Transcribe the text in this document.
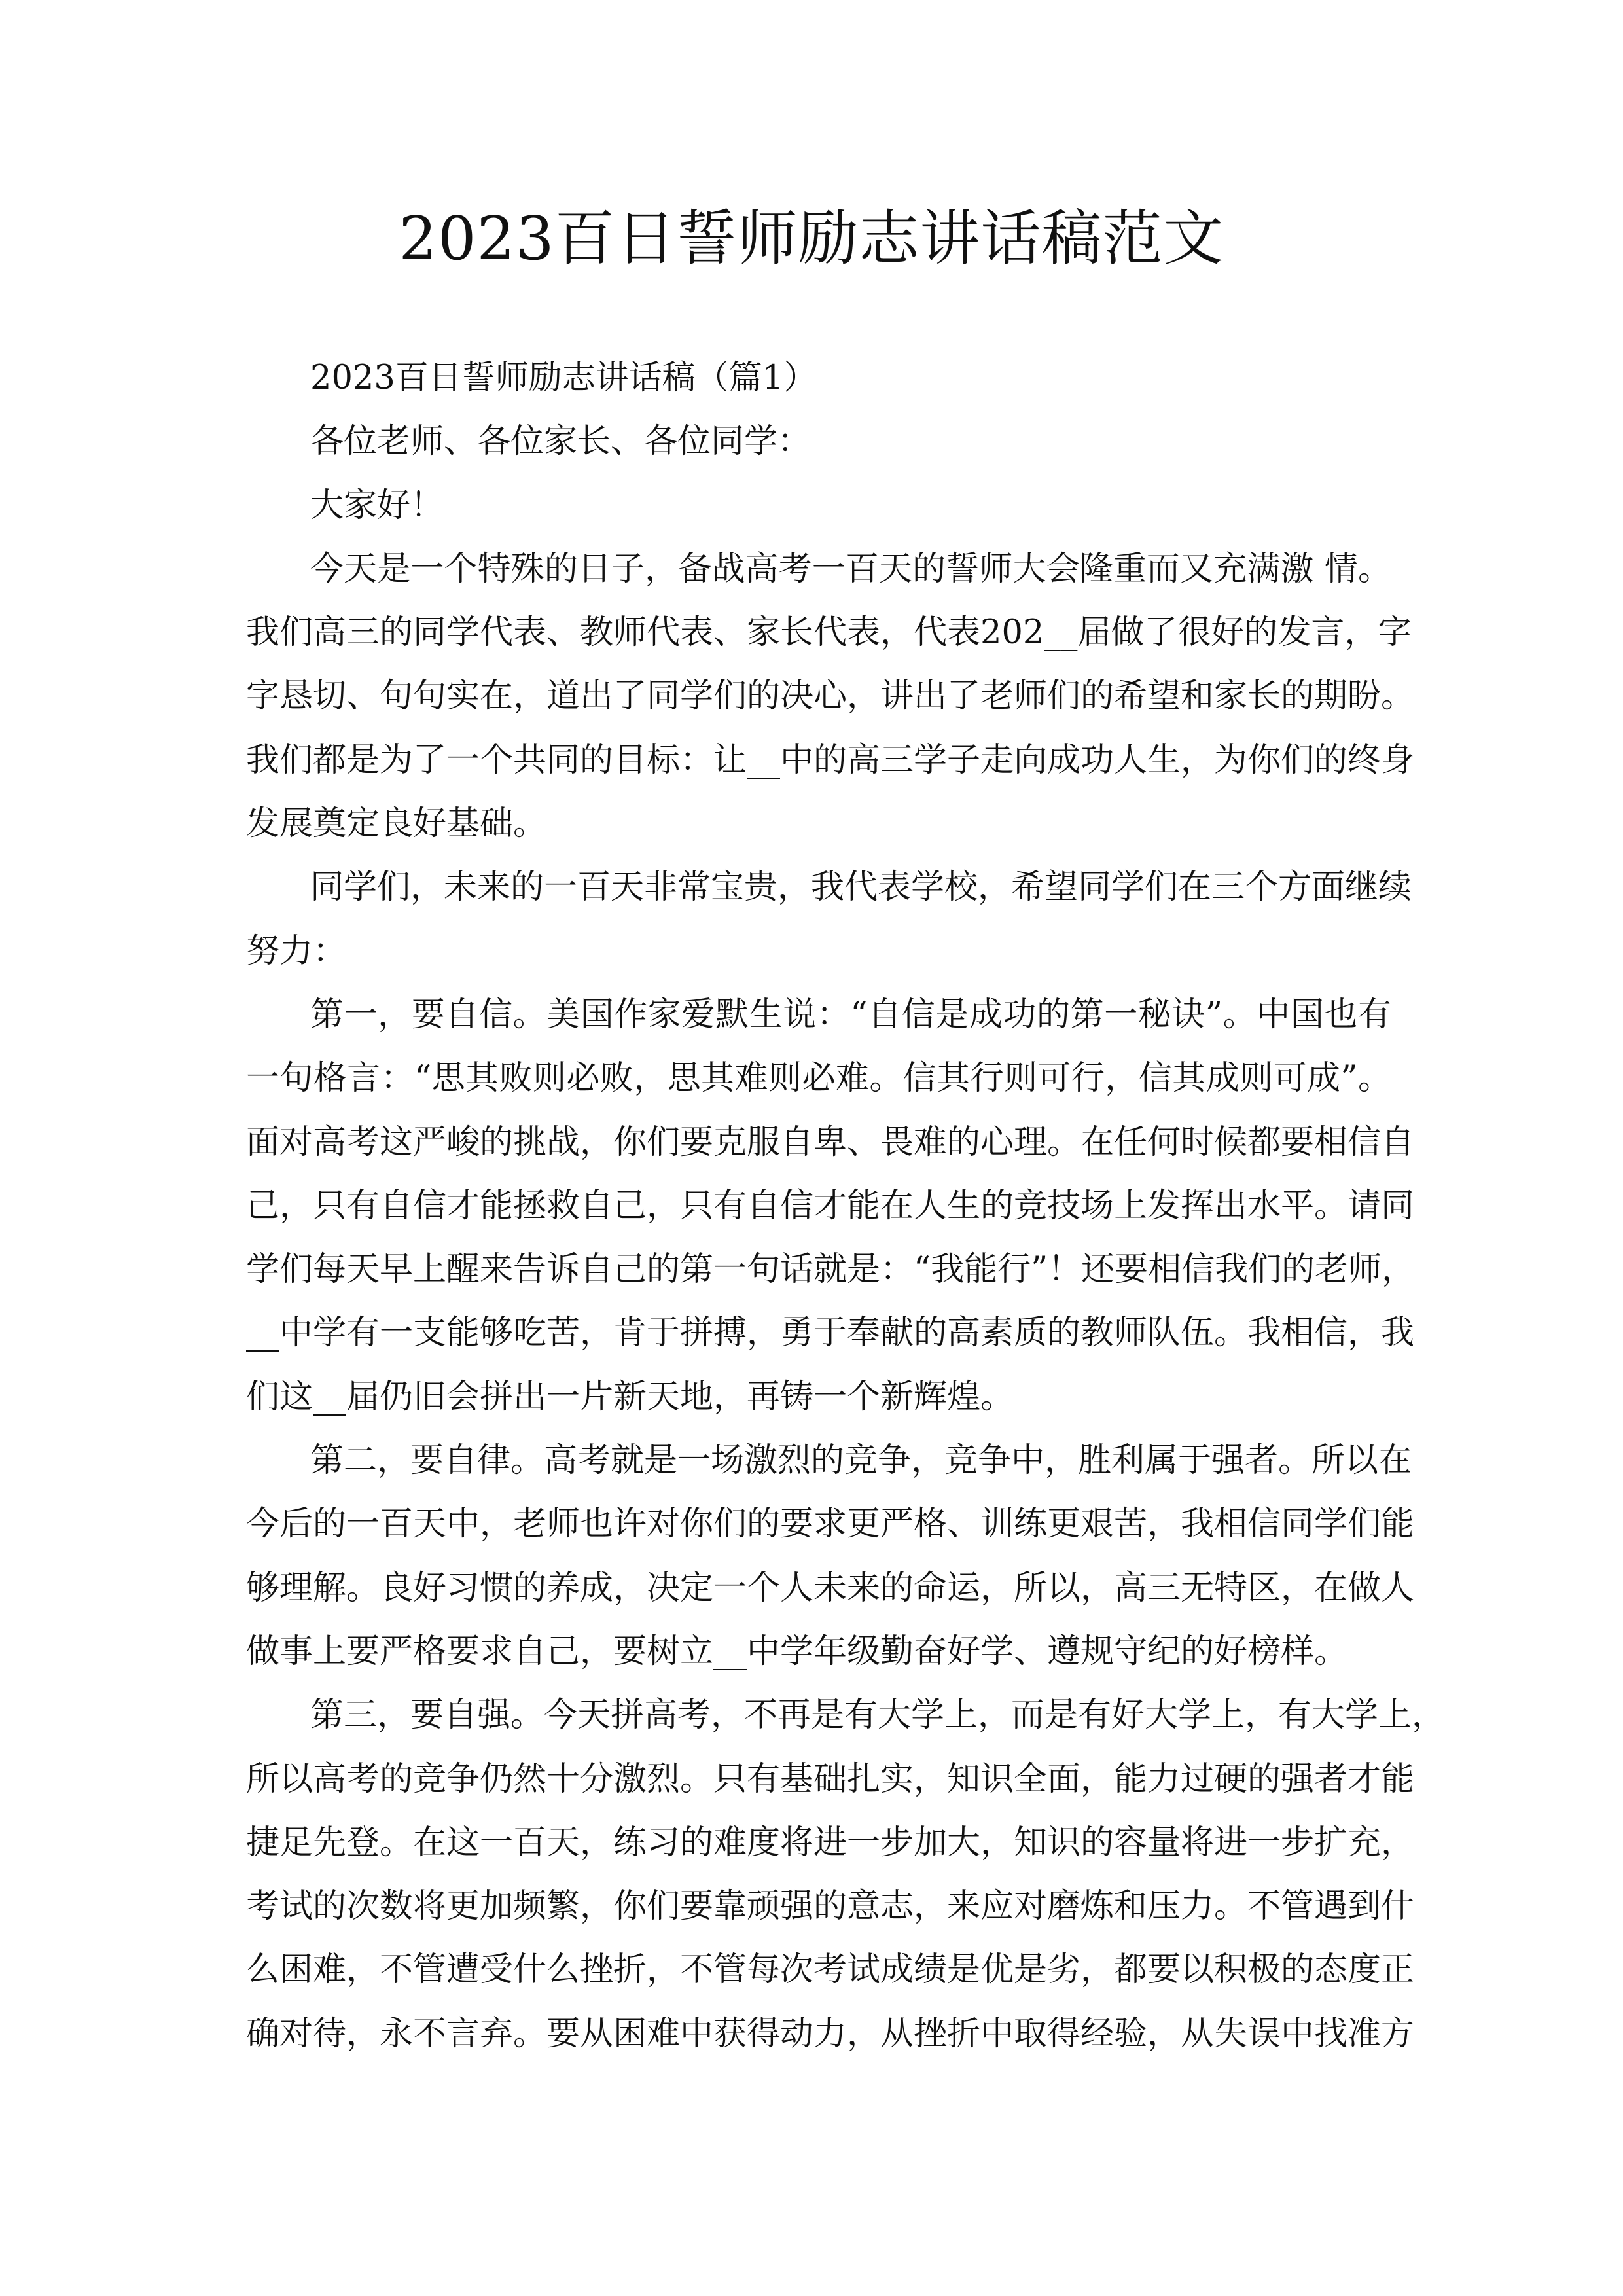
2023百日誓师励志讲话稿范文
2023百日誓师励志讲话稿（篇1）
各位老师、各位家长、各位同学：
大家好！
今天是一个特殊的日子，备战高考一百天的誓师大会隆重而又充满激 情。
我们高三的同学代表、教师代表、家长代表，代表202__届做了很好的发言，字
字恳切、句句实在，道出了同学们的决心，讲出了老师们的希望和家长的期盼。
我们都是为了一个共同的目标：让__中的高三学子走向成功人生，为你们的终身
发展奠定良好基础。
同学们，未来的一百天非常宝贵，我代表学校，希望同学们在三个方面继续
努力：
第一，要自信。美国作家爱默生说：“自信是成功的第一秘诀”。中国也有
一句格言：“思其败则必败，思其难则必难。信其行则可行，信其成则可成”。
面对高考这严峻的挑战，你们要克服自卑、畏难的心理。在任何时候都要相信自
己，只有自信才能拯救自己，只有自信才能在人生的竞技场上发挥出水平。请同
学们每天早上醒来告诉自己的第一句话就是：“我能行”！还要相信我们的老师，
__中学有一支能够吃苦，肯于拼搏，勇于奉献的高素质的教师队伍。我相信，我
们这__届仍旧会拼出一片新天地，再铸一个新辉煌。
第二，要自律。高考就是一场激烈的竞争，竞争中，胜利属于强者。所以在
今后的一百天中，老师也许对你们的要求更严格、训练更艰苦，我相信同学们能
够理解。良好习惯的养成，决定一个人未来的命运，所以，高三无特区，在做人
做事上要严格要求自己，要树立__中学年级勤奋好学、遵规守纪的好榜样。
第三，要自强。今天拼高考，不再是有大学上，而是有好大学上，有大学上，
所以高考的竞争仍然十分激烈。只有基础扎实，知识全面，能力过硬的强者才能
捷足先登。在这一百天，练习的难度将进一步加大，知识的容量将进一步扩充，
考试的次数将更加频繁，你们要靠顽强的意志，来应对磨炼和压力。不管遇到什
么困难，不管遭受什么挫折，不管每次考试成绩是优是劣，都要以积极的态度正
确对待，永不言弃。要从困难中获得动力，从挫折中取得经验，从失误中找准方
